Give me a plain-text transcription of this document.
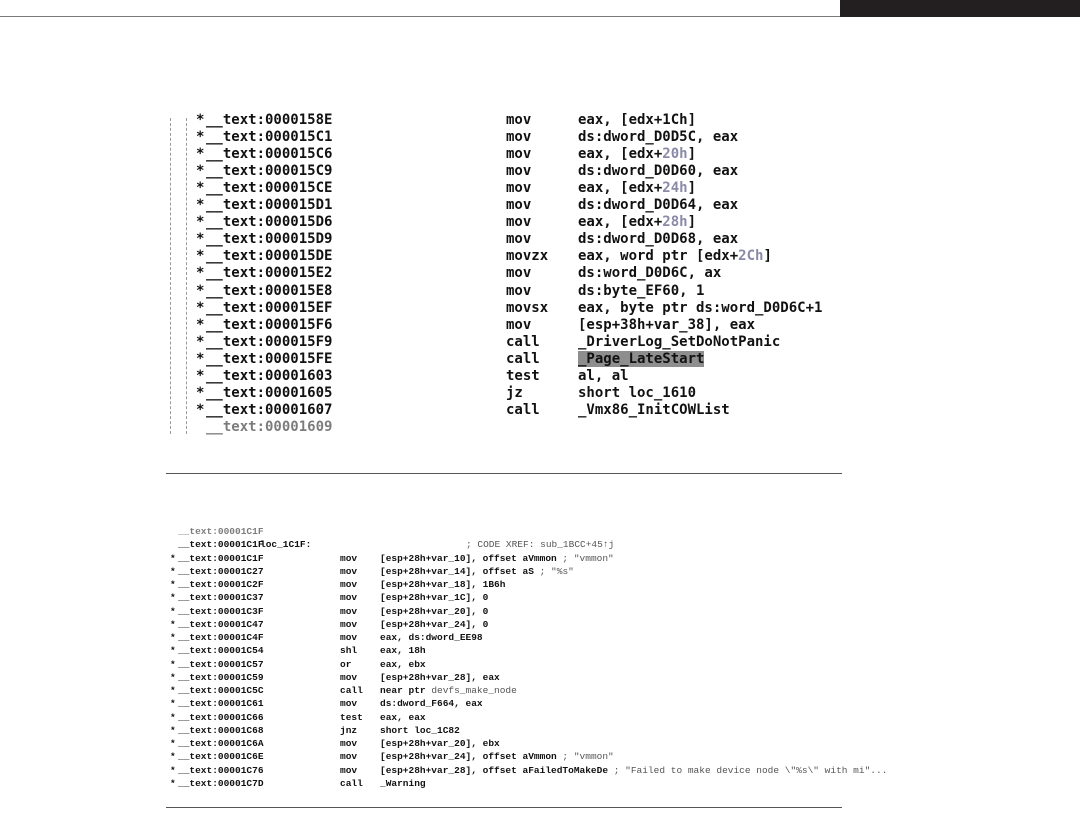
* __text:0000158E	mov	eax, [edx+1Ch]
* __text:000015C1	mov	ds:dword_D0D5C, eax
* __text:000015C6	mov	eax, [edx+20h]
* __text:000015C9	mov	ds:dword_D0D60, eax
* __text:000015CE	mov	eax, [edx+24h]
* __text:000015D1	mov	ds:dword_D0D64, eax
* __text:000015D6	mov	eax, [edx+28h]
* __text:000015D9	mov	ds:dword_D0D68, eax
* __text:000015DE	movzx eax, word ptr [edx+2Ch]
* __text:000015E2	mov	ds:word_D0D6C, ax
* __text:000015E8	mov	ds:byte_EF60, 1
* __text:000015EF	movsx eax, byte ptr ds:word_D0D6C+1
* __text:000015F6	mov	[esp+38h+var_38], eax
* __text:000015F9	call	_DriverLog_SetDoNotPanic
* __text:000015FE	call	_Page_LateStart
* __text:00001603	test	al, al
* __text:00001605	jz	short loc_1610
* __text:00001607	call	_Vmx86_InitCOWList
__text:00001609
__text:00001C1F
__text:00001C1F
loc_1C1F:	; CODE XREF: sub_1BCC+45↑j
* __text:00001C1F	mov [esp+28h+var_10], offset aVmmon ; "vmmon"
* __text:00001C27	mov [esp+28h+var_14], offset aS ; "%s"
* __text:00001C2F	mov [esp+28h+var_18], 1B6h
* __text:00001C37	mov [esp+28h+var_1C], 0
* __text:00001C3F	mov [esp+28h+var_20], 0
* __text:00001C47	mov [esp+28h+var_24], 0
* __text:00001C4F	mov eax, ds:dword_EE98
* __text:00001C54	shl eax, 18h
* __text:00001C57	or	eax, ebx
* __text:00001C59	mov [esp+28h+var_28], eax
* __text:00001C5C	call near ptr devfs_make_node
* __text:00001C61	mov ds:dword_F664, eax
* __text:00001C66	test eax, eax
* __text:00001C68	jnz short loc_1C82
* __text:00001C6A	mov [esp+28h+var_20], ebx
* __text:00001C6E	mov [esp+28h+var_24], offset aVmmon ; "vmmon"
* __text:00001C76	mov [esp+28h+var_28], offset aFailedToMakeDe ; "Failed to make device node \"%s\" with mi"...
* __text:00001C7D	call _Warning
